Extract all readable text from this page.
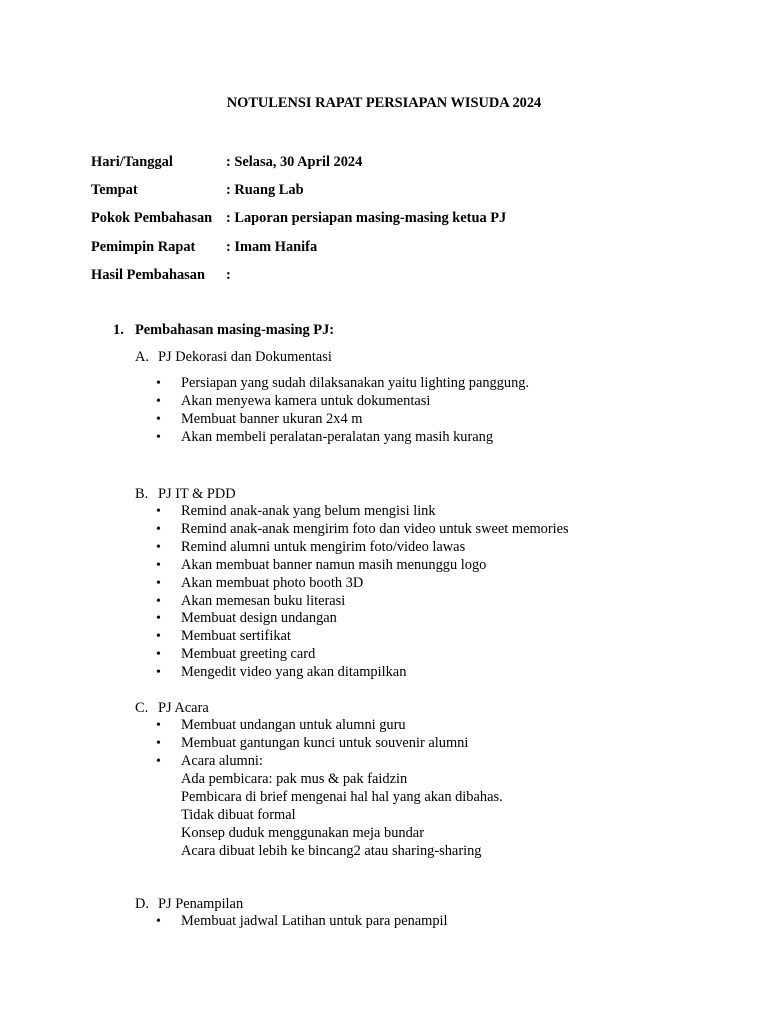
NOTULENSI RAPAT PERSIAPAN WISUDA 2024
Hari/Tanggal	: Selasa, 30 April 2024
Tempat	: Ruang Lab
Pokok Pembahasan : Laporan persiapan masing-masing ketua PJ
Pemimpin Rapat : Imam Hanifa
Hasil Pembahasan :
1. Pembahasan masing-masing PJ:
A. PJ Dekorasi dan Dokumentasi
• Persiapan yang sudah dilaksanakan yaitu lighting panggung.
• Akan menyewa kamera untuk dokumentasi
• Membuat banner ukuran 2x4 m
• Akan membeli peralatan-peralatan yang masih kurang
B. PJ IT & PDD
• Remind anak-anak yang belum mengisi link
• Remind anak-anak mengirim foto dan video untuk sweet memories
• Remind alumni untuk mengirim foto/video lawas
• Akan membuat banner namun masih menunggu logo
• Akan membuat photo booth 3D
• Akan memesan buku literasi
• Membuat design undangan
• Membuat sertifikat
• Membuat greeting card
• Mengedit video yang akan ditampilkan
C. PJ Acara
• Membuat undangan untuk alumni guru
• Membuat gantungan kunci untuk souvenir alumni
• Acara alumni:
Ada pembicara: pak mus & pak faidzin
Pembicara di brief mengenai hal hal yang akan dibahas.
Tidak dibuat formal
Konsep duduk menggunakan meja bundar
Acara dibuat lebih ke bincang2 atau sharing-sharing
D. PJ Penampilan
• Membuat jadwal Latihan untuk para penampil
